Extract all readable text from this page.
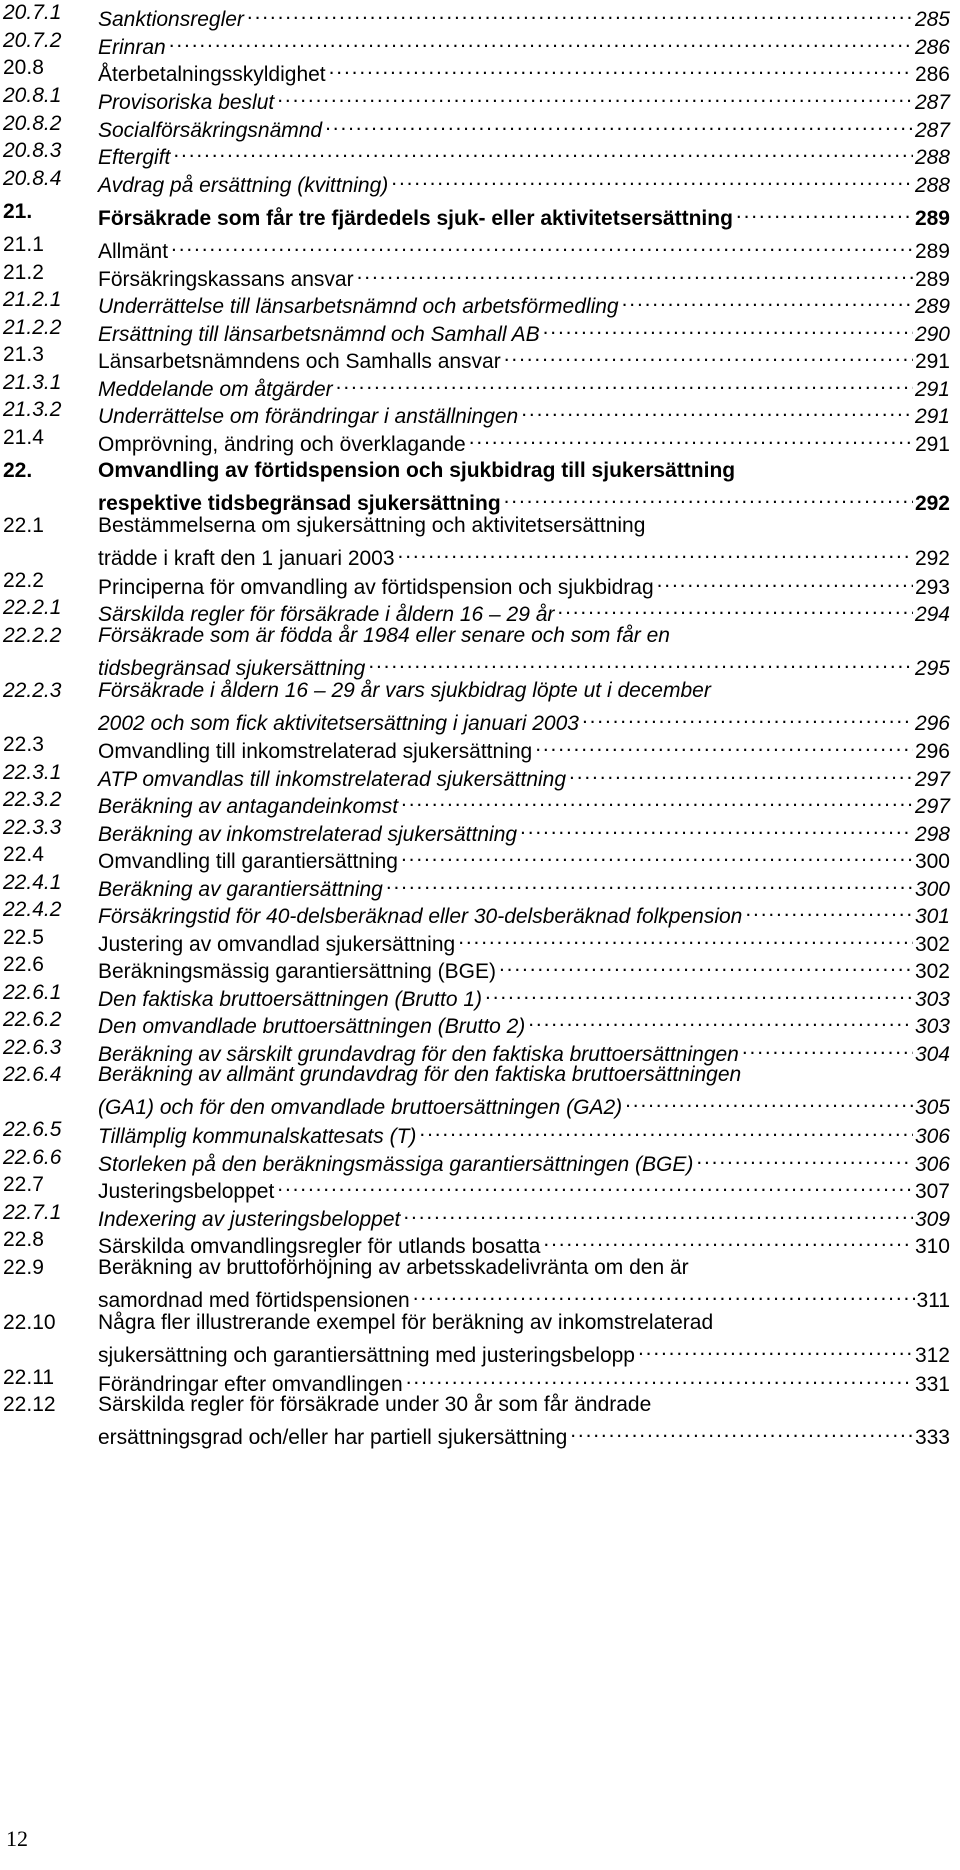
20.7.1 Sanktionsregler . . .	285
20.7.2 Erinran . . .	286
20.8	Återbetalningsskyldighet . . .	286
20.8.1 Provisoriska beslut . . .	287
20.8.2 Socialförsäkringsnämnd . . .	287
20.8.3 Eftergift . . .	288
20.8.4 Avdrag på ersättning (kvittning) . . .	288
21.	Försäkrade som får tre fjärdedels sjuk- eller aktivitetsersättning . . .	289
21.1	Allmänt . . .	289
21.2	Försäkringskassans ansvar . . .	289
21.2.1 Underrättelse till länsarbetsnämnd och arbetsförmedling . . .	289
21.2.2 Ersättning till länsarbetsnämnd och Samhall AB . . .	290
21.3	Länsarbetsnämndens och Samhalls ansvar . . .	291
21.3.1 Meddelande om åtgärder . . .	291
21.3.2 Underrättelse om förändringar i anställningen . . .	291
21.4	Omprövning, ändring och överklagande . . .	291
22.	Omvandling av förtidspension och sjukbidrag till sjukersättning
respektive tidsbegränsad sjukersättning . . .	292
22.1	Bestämmelserna om sjukersättning och aktivitetsersättning
trädde i kraft den 1 januari 2003 . . .	292
22.2	Principerna för omvandling av förtidspension och sjukbidrag . . .	293
22.2.1 Särskilda regler för försäkrade i åldern 16 – 29 år . . .	294
22.2.2 Försäkrade som är födda år 1984 eller senare och som får en
tidsbegränsad sjukersättning . . .	295
22.2.3 Försäkrade i åldern 16 – 29 år vars sjukbidrag löpte ut i december
2002 och som fick aktivitetsersättning i januari 2003 . . .	296
22.3	Omvandling till inkomstrelaterad sjukersättning . . .	296
22.3.1 ATP omvandlas till inkomstrelaterad sjukersättning . . .	297
22.3.2 Beräkning av antagandeinkomst . . .	297
22.3.3 Beräkning av inkomstrelaterad sjukersättning . . .	298
22.4	Omvandling till garantiersättning . . .	300
22.4.1 Beräkning av garantiersättning . . .	300
22.4.2 Försäkringstid för 40-delsberäknad eller 30-delsberäknad folkpension . . .	301
22.5	Justering av omvandlad sjukersättning . . .	302
22.6	Beräkningsmässig garantiersättning (BGE) . . .	302
22.6.1 Den faktiska bruttoersättningen (Brutto 1) . . .	303
22.6.2 Den omvandlade bruttoersättningen (Brutto 2) . . .	303
22.6.3 Beräkning av särskilt grundavdrag för den faktiska bruttoersättningen . . .	304
22.6.4 Beräkning av allmänt grundavdrag för den faktiska bruttoersättningen
(GA1) och för den omvandlade bruttoersättningen (GA2) . . .	305
22.6.5 Tillämplig kommunalskattesats (T) . . .	306
22.6.6 Storleken på den beräkningsmässiga garantiersättningen (BGE) . . .	306
22.7	Justeringsbeloppet . . .	307
22.7.1 Indexering av justeringsbeloppet . . .	309
22.8	Särskilda omvandlingsregler för utlands bosatta . . .	310
22.9	Beräkning av bruttoförhöjning av arbetsskadelivränta om den är
samordnad med förtidspensionen . . .	311
22.10 Några fler illustrerande exempel för beräkning av inkomstrelaterad
sjukersättning och garantiersättning med justeringsbelopp . . .	312
22.11 Förändringar efter omvandlingen . . .	331
22.12 Särskilda regler för försäkrade under 30 år som får ändrade
ersättningsgrad och/eller har partiell sjukersättning . . .	333
12
